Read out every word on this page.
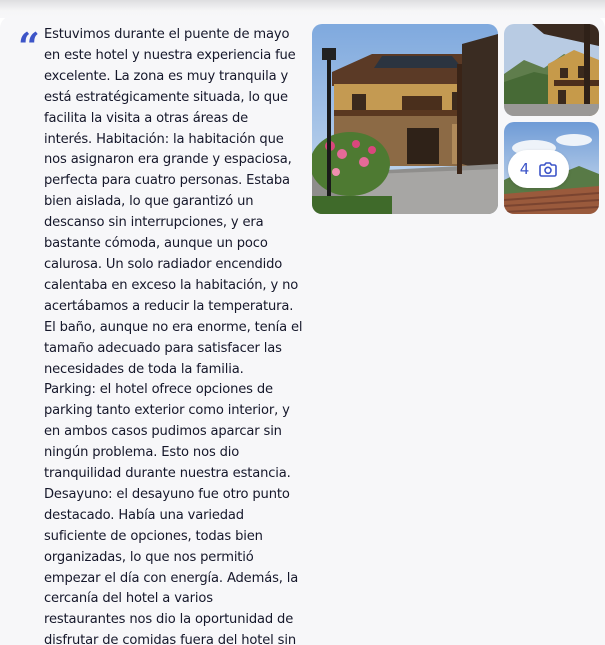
“ Estuvimos durante el puente de mayo
en este hotel y nuestra experiencia fue
excelente. La zona es muy tranquila y
está estratégicamente situada, lo que
facilita la visita a otras áreas de
interés. Habitación: la habitación que
nos asignaron era grande y espaciosa,
perfecta para cuatro personas. Estaba
bien aislada, lo que garantizó un
descanso sin interrupciones, y era
bastante cómoda, aunque un poco
calurosa. Un solo radiador encendido
calentaba en exceso la habitación, y no
acertábamos a reducir la temperatura.
El baño, aunque no era enorme, tenía el
tamaño adecuado para satisfacer las
necesidades de toda la familia.
Parking: el hotel ofrece opciones de
parking tanto exterior como interior, y
en ambos casos pudimos aparcar sin
ningún problema. Esto nos dio
tranquilidad durante nuestra estancia.
Desayuno: el desayuno fue otro punto
destacado. Había una variedad
suficiente de opciones, todas bien
organizadas, lo que nos permitió
empezar el día con energía. Además, la
cercanía del hotel a varios
restaurantes nos dio la oportunidad de
disfrutar de comidas fuera del hotel sin

4
